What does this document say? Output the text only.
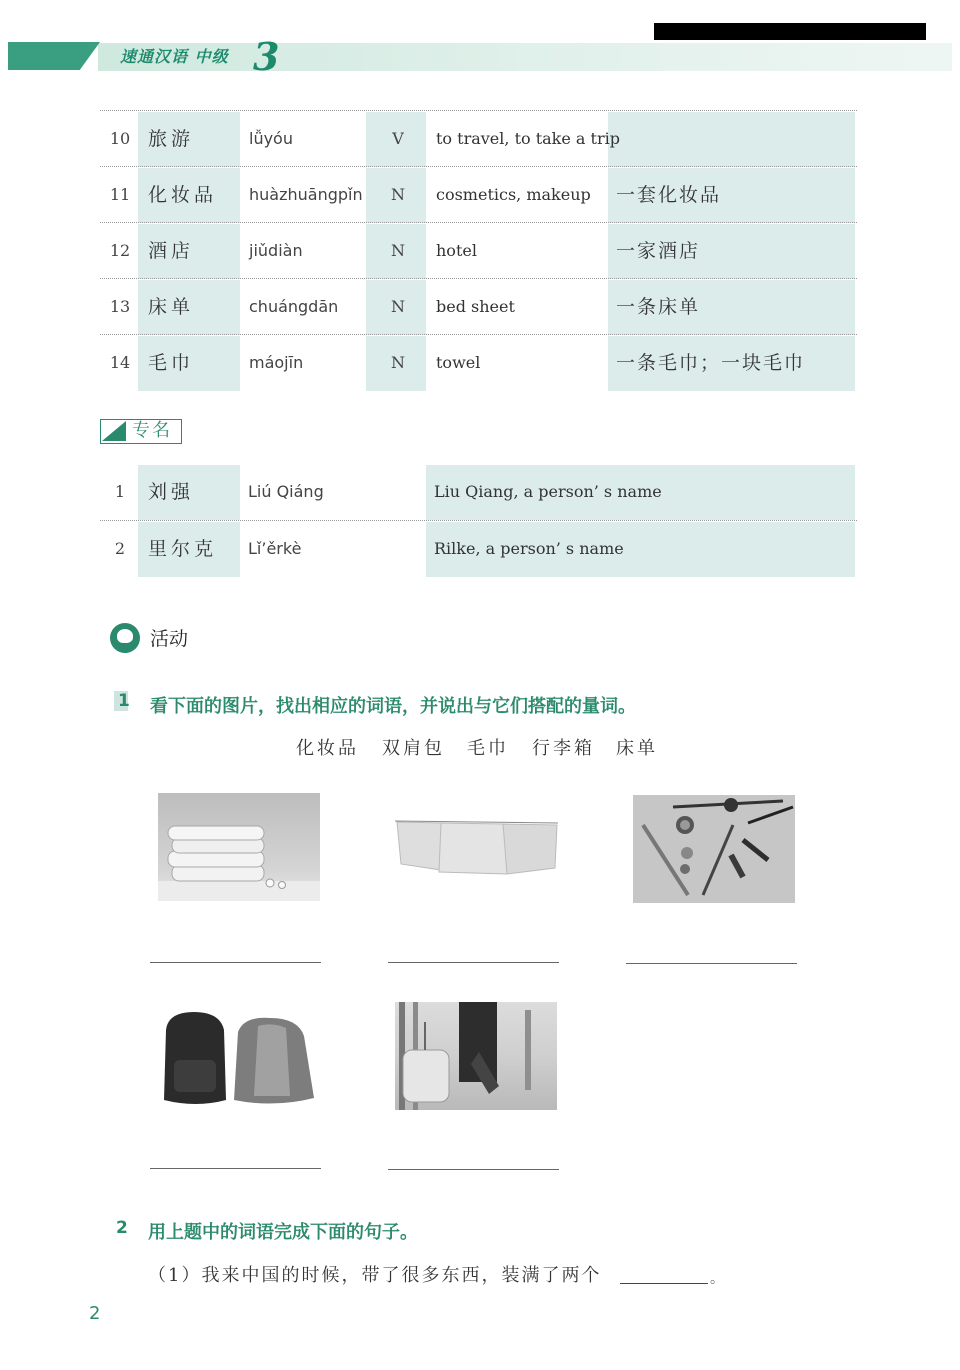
速通汉语 中级 3
10 旅游	lǚyóu	V	to travel, to take a trip
11 化妆品 huàzhuāngpǐn	N	cosmetics, makeup 一套化妆品
12 酒店	jiǔdiàn	N	hotel	一家酒店
13 床单	chuángdān	N	bed sheet	一条床单
14 毛巾	máojīn	N	towel	一条毛巾；一块毛巾
专名
1	刘强	Liú Qiáng	Liu Qiang, a person’ s name
2	里尔克 Lǐ’ěrkè	Rilke, a person’ s name
活动
1 看下面的图片，找出相应的词语，并说出与它们搭配的量词。
化妆品 双肩包 毛巾 行李箱 床单
2 用上题中的词语完成下面的句子。
（1）我来中国的时候，带了很多东西，装满了两个	。
2
